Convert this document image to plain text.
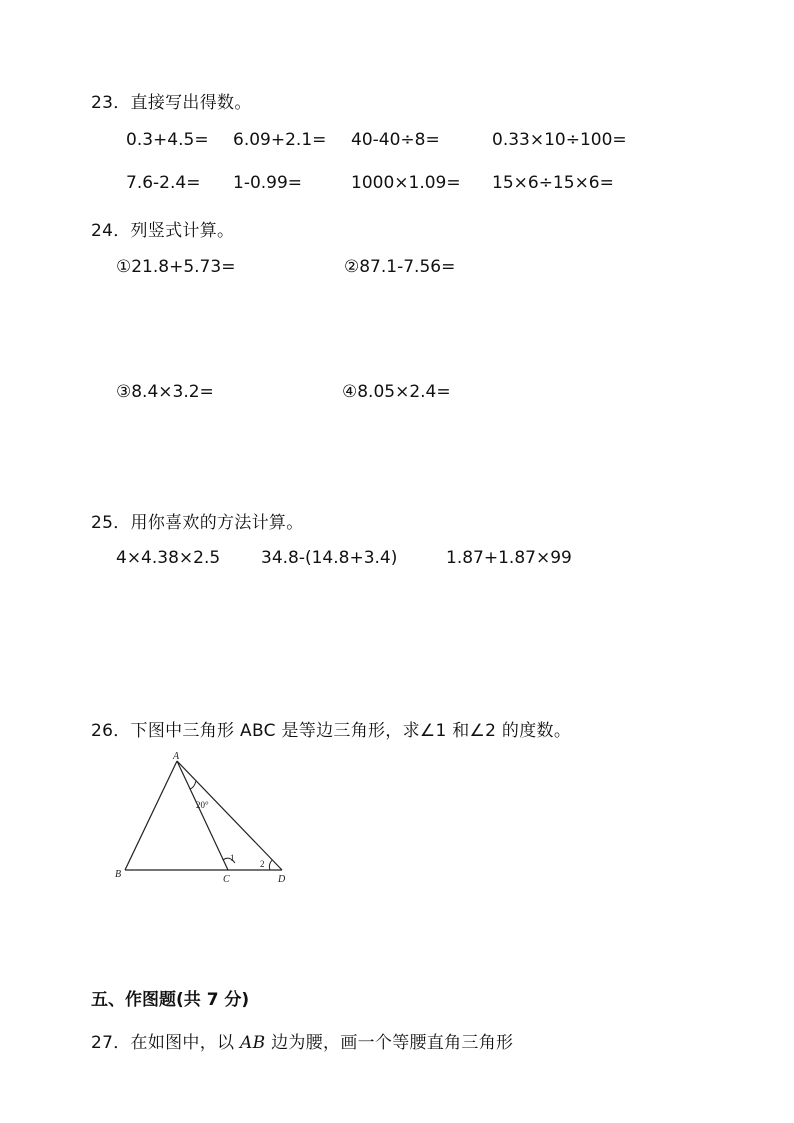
23．直接写出得数。
0.3+4.5= 6.09+2.1= 40-40÷8=	0.33×10÷100=
7.6-2.4= 1-0.99=	1000×1.09= 15×6÷15×6=
24．列竖式计算。
①21.8+5.73=	②87.1-7.56=
③8.4×3.2=	④8.05×2.4=
25．用你喜欢的方法计算。
4×4.38×2.5 34.8-(14.8+3.4)	1.87+1.87×99
26．下图中三角形 ABC 是等边三角形，求∠1 和∠2 的度数。
A
B	C	D
20°
1
2
五、作图题(共 7 分)
27．在如图中，以 AB 边为腰，画一个等腰直角三角形
